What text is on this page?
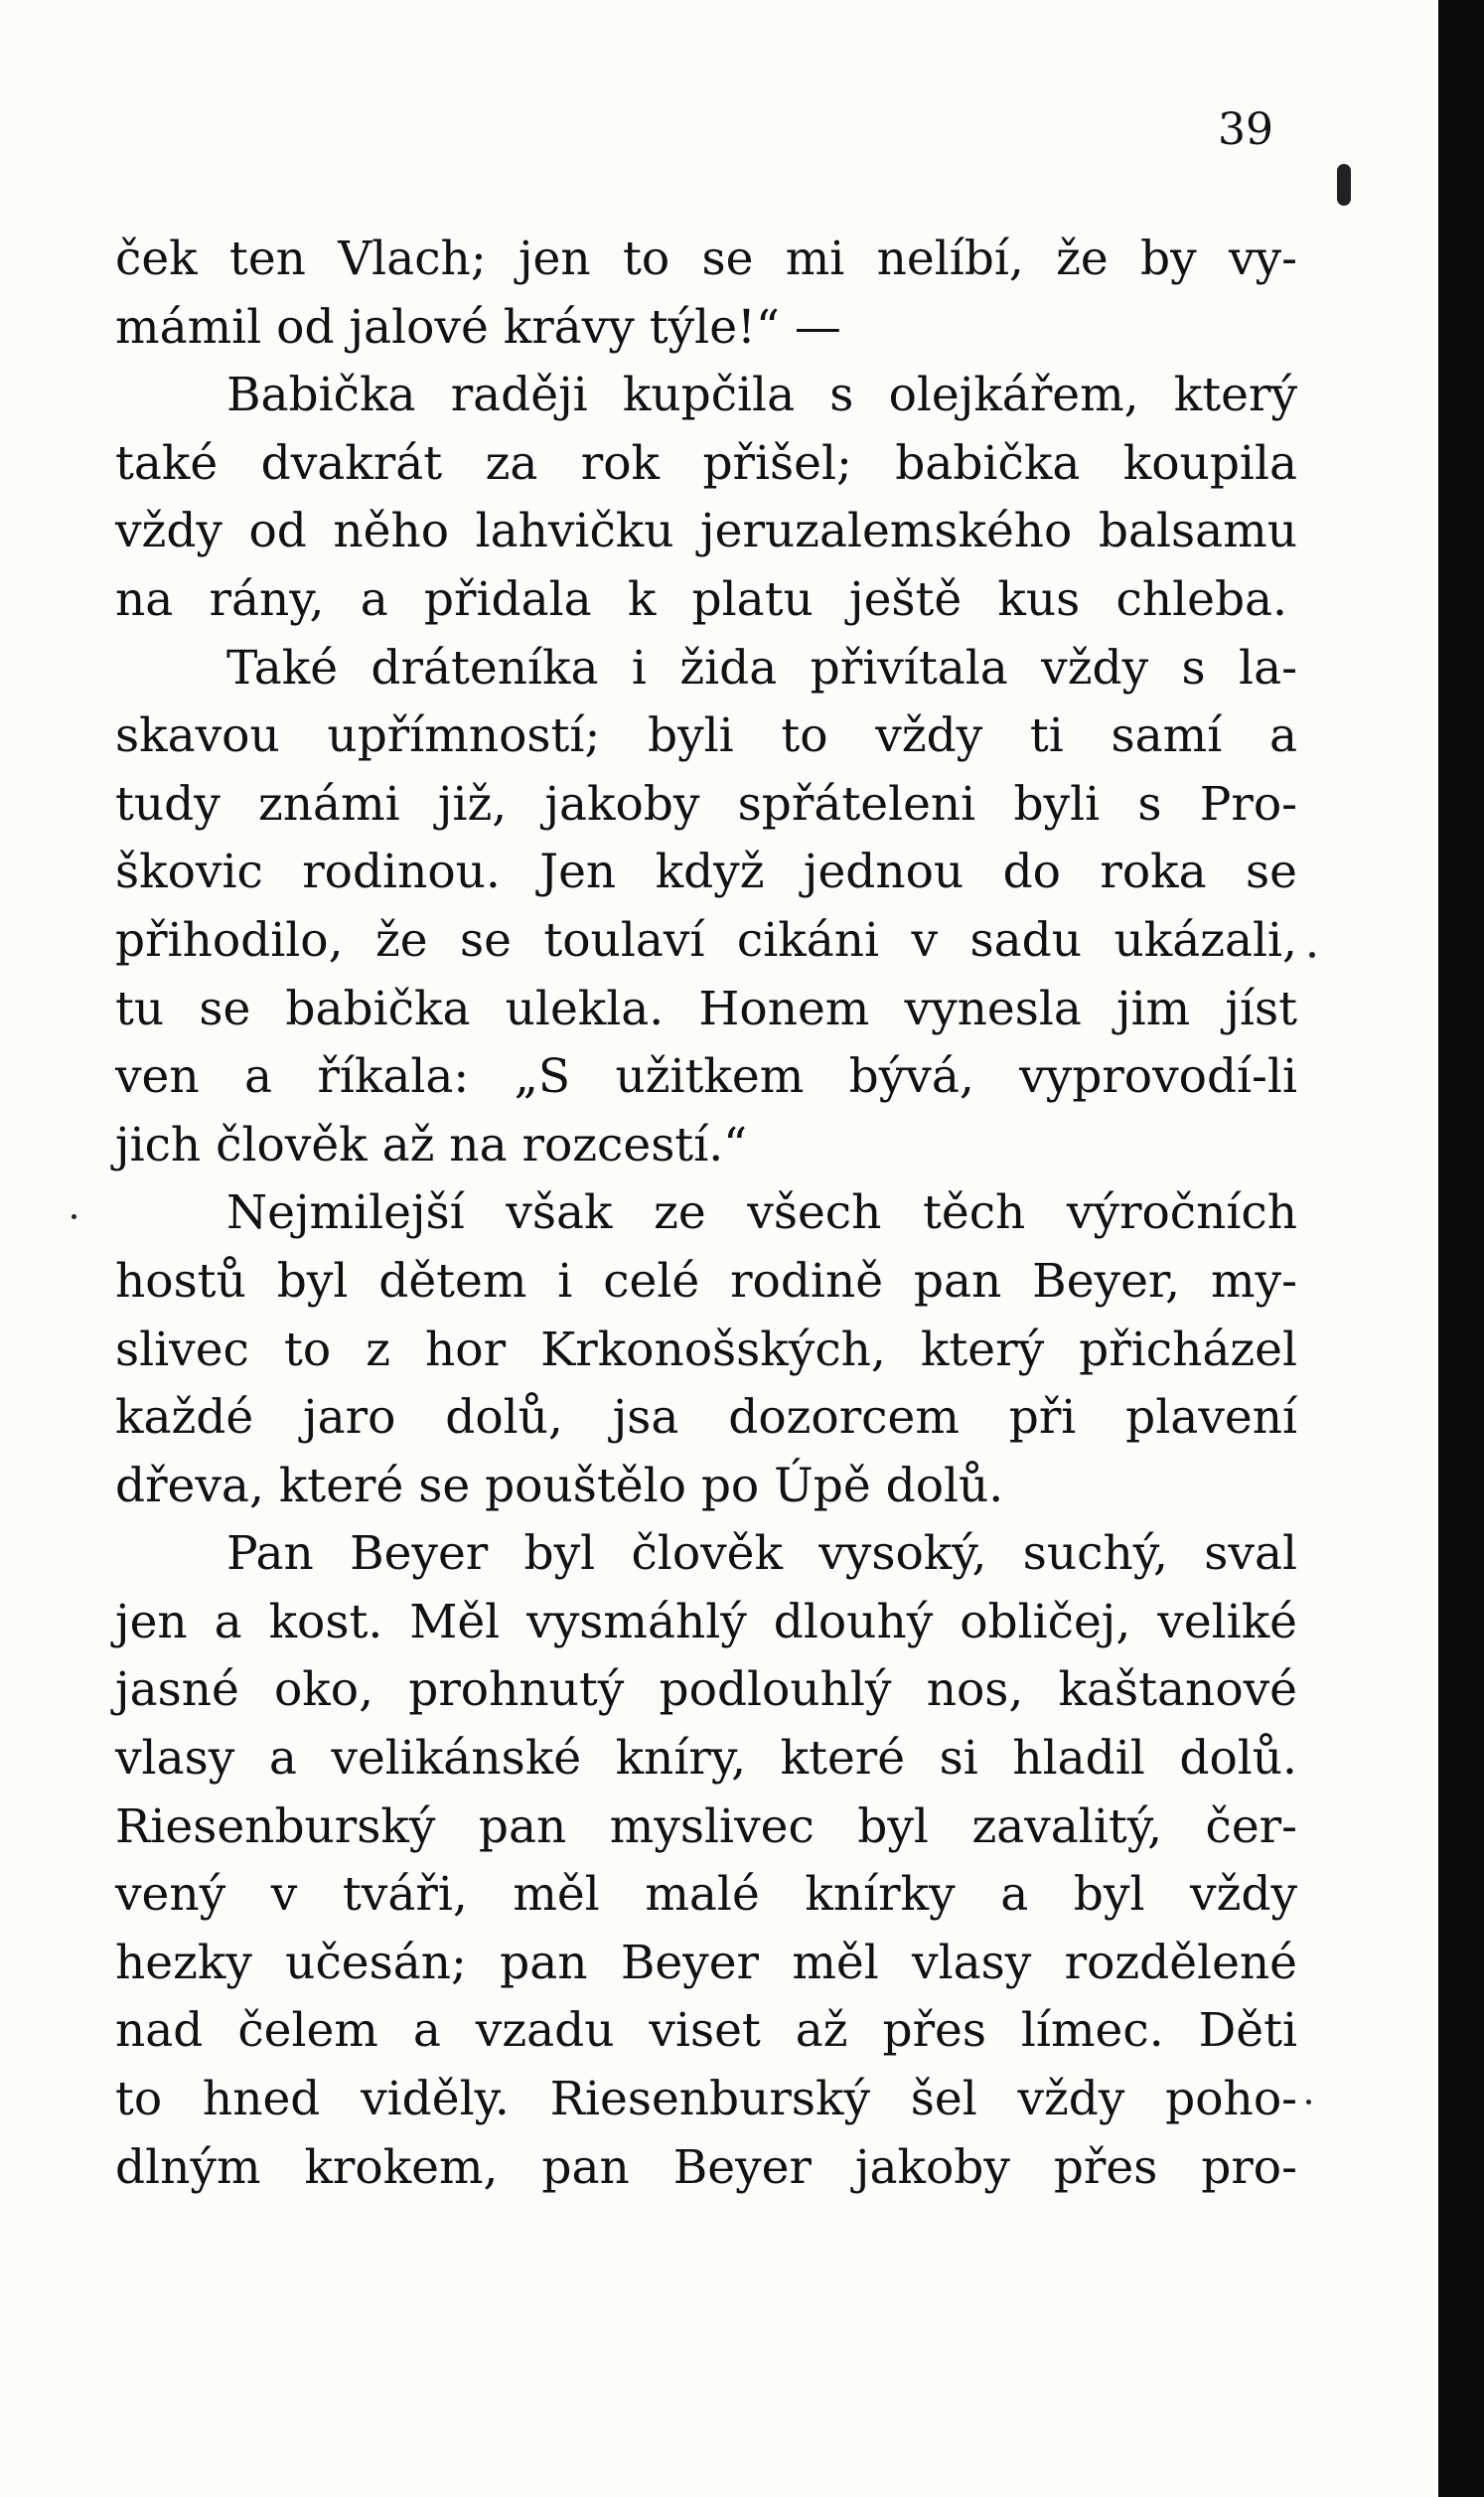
39
ček ten Vlach; jen to se mi nelíbí, že by vy-
mámil od jalové krávy týle!“ —
Babička raději kupčila s olejkářem, který
také dvakrát za rok přišel; babička koupila
vždy od něho lahvičku jeruzalemského balsamu
na rány, a přidala k platu ještě kus chleba.
Také dráteníka i žida přivítala vždy s la-
skavou upřímností; byli to vždy ti samí a
tudy známi již, jakoby spřáteleni byli s Pro-
škovic rodinou. Jen když jednou do roka se
přihodilo, že se toulaví cikáni v sadu ukázali,
tu se babička ulekla. Honem vynesla jim jíst
ven a říkala: „S užitkem bývá, vyprovodí-li
jich člověk až na rozcestí.“
Nejmilejší však ze všech těch výročních
hostů byl dětem i celé rodině pan Beyer, my-
slivec to z hor Krkonošských, který přicházel
každé jaro dolů, jsa dozorcem při plavení
dřeva, které se pouštělo po Úpě dolů.
Pan Beyer byl člověk vysoký, suchý, sval
jen a kost. Měl vysmáhlý dlouhý obličej, veliké
jasné oko, prohnutý podlouhlý nos, kaštanové
vlasy a velikánské kníry, které si hladil dolů.
Riesenburský pan myslivec byl zavalitý, čer-
vený v tváři, měl malé knírky a byl vždy
hezky učesán; pan Beyer měl vlasy rozdělené
nad čelem a vzadu viset až přes límec. Děti
to hned viděly. Riesenburský šel vždy poho-
dlným krokem, pan Beyer jakoby přes pro-
